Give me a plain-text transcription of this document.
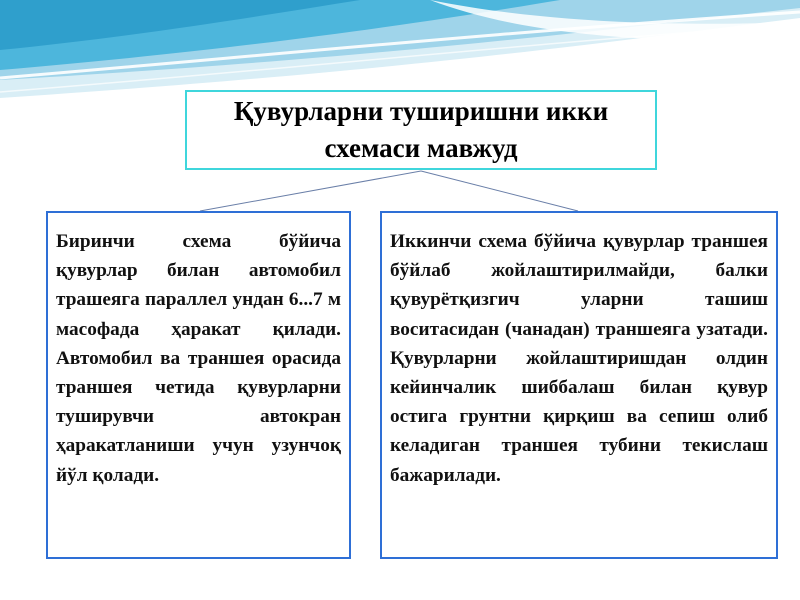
Қувурларни туширишни икки
схемаси мавжуд

Биринчи схема бўйича қувурлар билан автомобил трашеяга параллел ундан 6...7 м масофада ҳаракат қилади. Автомобил ва траншея орасида траншея четида қувурларни туширувчи автокран ҳаракатланиши учун узунчоқ йўл қолади.

Иккинчи схема бўйича қувурлар траншея бўйлаб жойлаштирилмайди, балки қувурётқизгич уларни ташиш воситасидан (чанадан) траншеяга узатади. Қувурларни жойлаштиришдан олдин кейинчалик шиббалаш билан қувур остига грунтни қирқиш ва сепиш олиб келадиган траншея тубини текислаш бажарилади.
